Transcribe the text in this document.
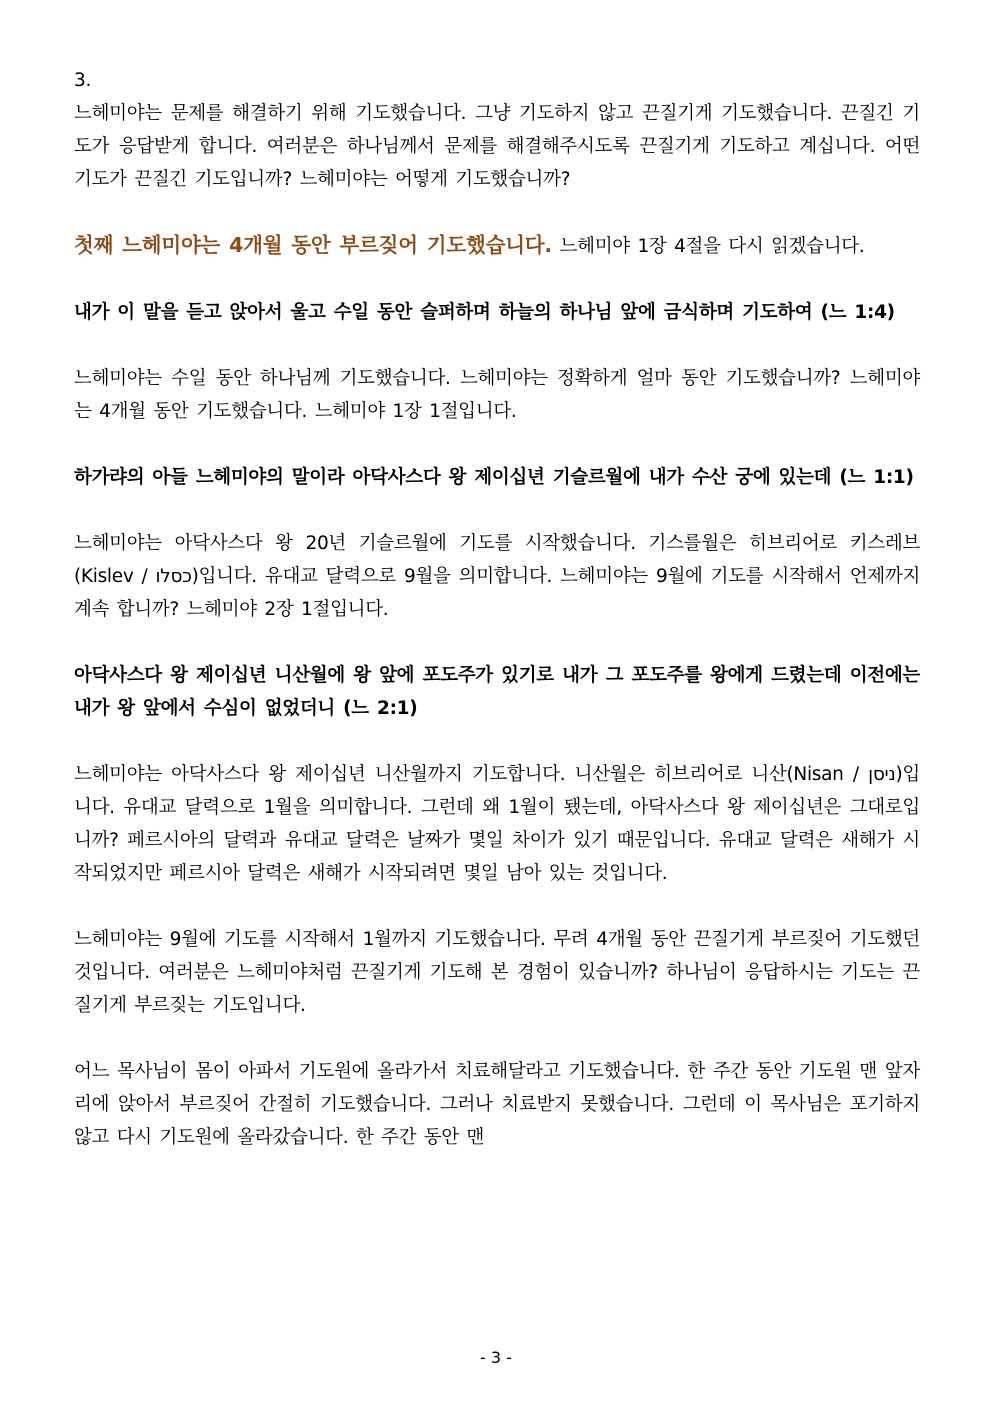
3.

느헤미야는 문제를 해결하기 위해 기도했습니다. 그냥 기도하지 않고 끈질기게 기도했습니다. 끈질긴 기도가 응답받게 합니다. 여러분은 하나님께서 문제를 해결해주시도록 끈질기게 기도하고 계십니다. 어떤 기도가 끈질긴 기도입니까? 느헤미야는 어떻게 기도했습니까?

첫째 느헤미야는 4개월 동안 부르짖어 기도했습니다. 느헤미야 1장 4절을 다시 읽겠습니다.

내가 이 말을 듣고 앉아서 울고 수일 동안 슬퍼하며 하늘의 하나님 앞에 금식하며 기도하여 (느 1:4)

느헤미야는 수일 동안 하나님께 기도했습니다. 느헤미야는 정확하게 얼마 동안 기도했습니까? 느헤미야는 4개월 동안 기도했습니다. 느헤미야 1장 1절입니다.

하가랴의 아들 느헤미야의 말이라 아닥사스다 왕 제이십년 기슬르월에 내가 수산 궁에 있는데 (느 1:1)

느헤미야는 아닥사스다 왕 20년 기슬르월에 기도를 시작했습니다. 기스를월은 히브리어로 키스레브(Kislev / כסלו)입니다. 유대교 달력으로 9월을 의미합니다. 느헤미야는 9월에 기도를 시작해서 언제까지 계속 합니까? 느헤미야 2장 1절입니다.

아닥사스다 왕 제이십년 니산월에 왕 앞에 포도주가 있기로 내가 그 포도주를 왕에게 드렸는데 이전에는 내가 왕 앞에서 수심이 없었더니 (느 2:1)

느헤미야는 아닥사스다 왕 제이십년 니산월까지 기도합니다. 니산월은 히브리어로 니산(Nisan / ניסן)입니다. 유대교 달력으로 1월을 의미합니다. 그런데 왜 1월이 됐는데, 아닥사스다 왕 제이십년은 그대로입니까? 페르시아의 달력과 유대교 달력은 날짜가 몇일 차이가 있기 때문입니다. 유대교 달력은 새해가 시작되었지만 페르시아 달력은 새해가 시작되려면 몇일 남아 있는 것입니다.

느헤미야는 9월에 기도를 시작해서 1월까지 기도했습니다. 무려 4개월 동안 끈질기게 부르짖어 기도했던 것입니다. 여러분은 느헤미야처럼 끈질기게 기도해 본 경험이 있습니까? 하나님이 응답하시는 기도는 끈질기게 부르짖는 기도입니다.

어느 목사님이 몸이 아파서 기도원에 올라가서 치료해달라고 기도했습니다. 한 주간 동안 기도원 맨 앞자리에 앉아서 부르짖어 간절히 기도했습니다. 그러나 치료받지 못했습니다. 그런데 이 목사님은 포기하지 않고 다시 기도원에 올라갔습니다. 한 주간 동안 맨

- 3 -
